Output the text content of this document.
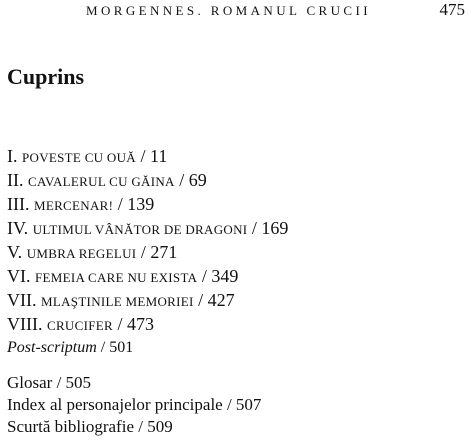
MORGENNES. ROMANUL CRUCII	475
Cuprins
I. POVESTE CU OUĂ / 11
II. CAVALERUL CU GĂINA / 69
III. MERCENAR! / 139
IV. ULTIMUL VÂNĂTOR DE DRAGONI / 169
V. UMBRA REGELUI / 271
VI. FEMEIA CARE NU EXISTA / 349
VII. MLAŞTINILE MEMORIEI / 427
VIII. CRUCIFER / 473
Post-scriptum / 501
Glosar / 505
Index al personajelor principale / 507
Scurtă bibliografie / 509
